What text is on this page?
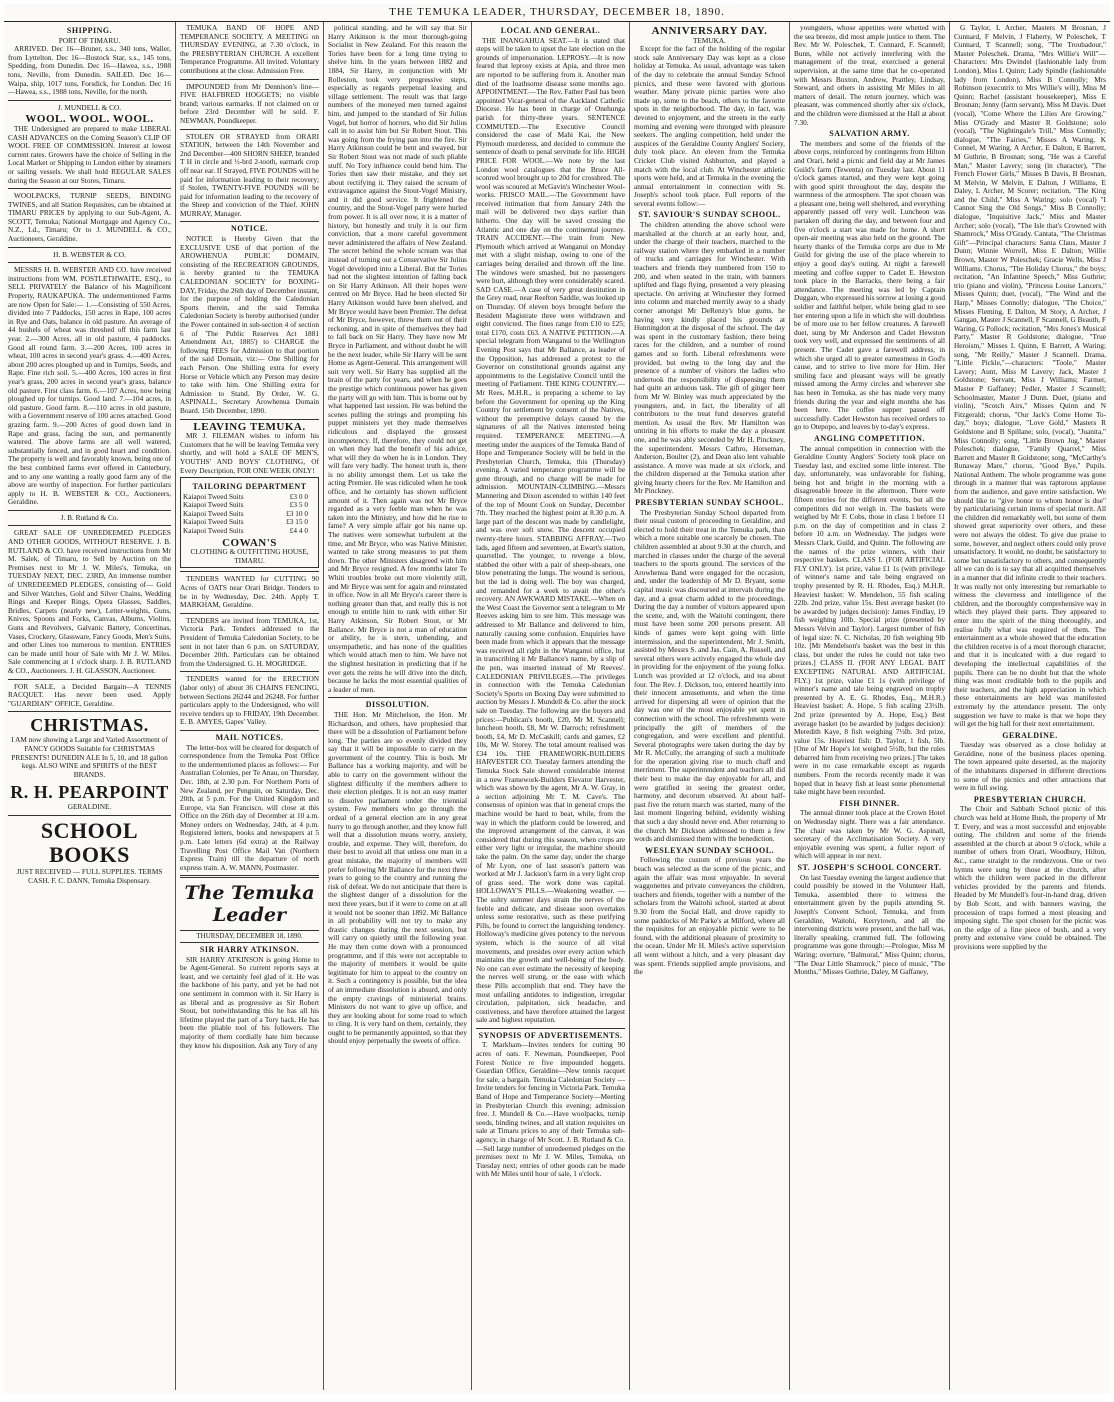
THE TEMUKA LEADER, THURSDAY, DECEMBER 18, 1890.
SHIPPING.
PORT OF TIMARU.

ARRIVED. Dec 16—Bruner, s.s., 340 tons, Waller, from Lyttelton. Dec 16—Bostock Star, s.s., 145 tons, Spedding, from Dunedin. Dec 16—Hawea, s.s., 1988 tons, Neville, from Dunedin. SAILED. Dec 16—Waipa, ship, 1017 tons, Forsdick, for London. Dec 16—Hawea, s.s., 1988 tons, Neville, for the north.

J. MUNDELL & CO.
WOOL. WOOL. WOOL.

THE Undersigned are prepared to make LIBERAL CASH ADVANCES on the Coming Season's CLIP OF WOOL FREE OF COMMISSION. Interest at lowest current rates. Growers have the choice of Selling in the Local Market or Shipping to London either by steamers or sailing vessels. We shall hold REGULAR SALES during the Season at our Stores, Timaru.

WOOLPACKS, TURNIP SEEDS, BINDING TWINES, and all Station Requisites, can be obtained at TIMARU PRICES by applying to our Sub-Agent, A. SCOTT, Temuka; National Mortgage and Agency Co., N.Z., Ld., Timaru; Or to J. MUNDELL & CO., Auctioneers, Geraldine.

H. B. WEBSTER & CO.

MESSRS H. B. WEBSTER AND CO. have received instructions from WM. POSTLETHWAITE, ESQ., to SELL PRIVATELY the Balance of his Magnificent Property, RAUKAPUKA. The undermentioned Farms are now Open for Sale:— 1.—Consisting of 550 Acres, divided into 7 Paddocks, 150 acres in Rape, 100 acres in Rye and Oats, balance in old pasture. An average of 44 bushels of wheat was threshed off this farm last year. 2.—300 Acres, all in old pasture, 4 paddocks. Good all round farm. 3.—200 Acres, 100 acres in wheat, 100 acres in second year's grass. 4.—400 Acres, about 200 acres ploughed up and in Turnips, Seeds, and Rape. Fine rich soil. 5.—400 Acres, 100 acres in first year's grass, 200 acres in second year's grass, balance old pasture. First class farm. 6.—107 Acres, now being ploughed up for turnips. Good land. 7.—104 acres, in old pasture. Good farm. 8.—110 acres in old pasture, with a Government reserve of 100 acres attached. Good grazing farm. 9.—200 Acres of good down land in Rape and grass, facing the sun, and permanently watered. The above farms are all well watered, substantially fenced, and in good heart and condition. The property is well and favorably known, being one of the best combined farms ever offered in Canterbury, and to any one wanting a really good farm any of the above are worthy of inspection. For further particulars apply to H. B. WEBSTER & CO., Auctioneers, Geraldine.

J. B. Rutland & Co.

GREAT SALE OF UNREDEEMED PLEDGES AND OTHER GOODS, WITHOUT RESERVE. J. B. RUTLAND & CO. have received instructions from Mr M. Salek, of Timaru, to Sell by Auction on the Premises next to Mr J. W. Miles's, Temuka, on TUESDAY NEXT, DEC. 23RD, An immense number of UNREDEEMED PLEDGES, consisting of— Gold and Silver Watches, Gold and Silver Chains, Wedding Rings and Keeper Rings, Opera Glasses, Saddles, Bridles, Carpets (nearly new), Letter-weights, Guns, Knives, Spoons and Forks, Canvas, Albums, Violins, Guns and Revolvers, Galvanic Battery, Concertinas, Vases, Crockery, Glassware, Fancy Goods, Men's Suits, and other Lines too numerous to mention. ENTRIES can be made until hour of Sale with Mr J. W. Miles. Sale commencing at 1 o'clock sharp. J. B. RUTLAND & CO., Auctioneers. J. H. GLASSON, Auctioneer.

FOR SALE, a Decided Bargain—A TENNIS RACQUET. Has never been used. Apply "GUARDIAN" OFFICE, Geraldine.

CHRISTMAS.

I AM now showing a Large and Varied Assortment of FANCY GOODS Suitable for CHRISTMAS PRESENTS! DUNEDIN ALE In 5, 10, and 18 gallon kegs. ALSO WINE and SPIRITS of the BEST BRANDS.

R. H. PEARPOINT
GERALDINE.
SCHOOL BOOKS

JUST RECEIVED — FULL SUPPLIES. TERMS CASH. F. C. DANN, Temuka Dispensary.

TEMUKA BAND OF HOPE AND TEMPERANCE SOCIETY. A MEETING on THURSDAY EVENING, at 7.30 o'clock, in the PRESBYTERIAN CHURCH. A excellent Temperance Programme. All invited. Voluntary contributions at the close. Admission Free.

IMPOUNDED from Mr Dennison's line—FIVE HALFBRED HOGGETS; no visible brand; various earmarks. If not claimed on or before 23rd December will be sold. F. NEWMAN, Poundkeeper.

STOLEN OR STRAYED from ORARI STATION, between the 14th November and 2nd December—400 SHORN SHEEP, branded T H in circle and ½-brd 2-tooth, earmark crop off near ear. If Strayed, FIVE POUNDS will be paid for information leading to their recovery; if Stolen, TWENTY-FIVE POUNDS will be paid for information leading to the recovery of the Sheep and conviction of the Thief. JOHN MURRAY, Manager.

NOTICE.

NOTICE is Hereby Given that the EXCLUSIVE USE of that portion of the AROWHENUA PUBLIC DOMAIN, consisting of the RECREATION GROUNDS, is hereby granted to the TEMUKA CALEDONIAN SOCIETY for BOXING-DAY, Friday, the 26th day of December instant, for the purpose of holding the Caledonian Sports therein, and the said Temuka Caledonian Society is hereby authorised (under the Power contained in sub-section 4 of section 6 of 'The Public Reserves Act 1881 Amendment Act, 1885') to CHARGE the following FEES for Admission to that portion of the said Domain, viz:— One Shilling for each Person. One Shilling extra for every Horse or Vehicle which any Person may desire to take with him. One Shilling extra for Admission to Stand. By Order, W. G. ASPINALL, Secretary Arowhenua Domain Board. 15th December, 1890.

LEAVING TEMUKA.

MR J. FILEMAN wishes to inform his Customers that he will be leaving Temuka very shortly, and will hold a SALE OF MEN'S, YOUTHS' AND BOYS' CLOTHING, Of Every Description, FOR ONE WEEK ONLY!

TAILORING DEPARTMENT
Kaiapoi Tweed Suits	£3 0 0
Kaiapoi Tweed Suits	£3 5 0
Kaiapoi Tweed Suits	£3 10 0
Kaiapoi Tweed Suits	£3 15 0
Kaiapoi Tweed Suits	£4 4 0
COWAN'S
CLOTHING & OUTFITTING HOUSE, TIMARU.

TENDERS WANTED for CUTTING 90 Acres of OATS near Orari Bridge. Tenders to be in by Wednesday, Dec. 24th. Apply T. MARKHAM, Geraldine.

TENDERS are invited from TEMUKA, 1st, Victoria Park. Tenders addressed to the President of Temuka Caledonian Society, to be sent in not later than 6 p.m. on SATURDAY, December 20th. Particulars can be obtained from the Undersigned. G. H. MOGRIDGE.

TENDERS wanted for the ERECTION (labor only) of about 36 CHAINS FENCING, between Sections 26244 and 26248. For further particulars apply to the Undersigned, who will receive tenders up to FRIDAY, 19th December. E. B. AMYES, Gapes' Valley.

MAIL NOTICES.

The letter-box will be cleared for despatch of correspondence from the Temuka Post Office to the undermentioned places as follows:— For Australian Colonies, per Te Anau, on Thursday, Dec. 18th, at 2.30 p.m. For Northern Ports of New Zealand, per Penguin, on Saturday, Dec. 20th, at 5 p.m. For the United Kingdom and Europe, via San Francisco, will close at this Office on the 26th day of December at 10 a.m. Money orders on Wednesday, 24th, at 4 p.m. Registered letters, books and newspapers at 5 p.m. Late letters (6d extra) at the Railway Travelling Post Office Mail Van (Northern Express Train) till the departure of north express train. A. W. MANN, Postmaster.

The Temuka Leader
THURSDAY, DECEMBER 18, 1890.
SIR HARRY ATKINSON.

SIR HARRY ATKINSON is going Home to be Agent-General. So current reports says at least, and we certainly feel glad of it. He was the backbone of his party, and yet he had not one sentiment in common with it. Sir Harry is as liberal and as progressive as Sir Robert Stout, but notwithstanding this he has all his lifetime played the part of a Tory hack. He has been the pliable tool of his followers. The majority of them cordially hate him because they know his disposition. Ask any Tory of any

political standing, and he will say that Sir Harry Atkinson is the most thorough-going Socialist in New Zealand. For this reason the Tories have been for a long time trying to shelve him. In the years between 1882 and 1884, Sir Harry, in conjunction with Mr Rolleston, took very progressive steps, especially as regards perpetual leasing and village settlement. The result was that large numbers of the moneyed men turned against him, and jumped to the standard of Sir Julius Vogel, but horror of horrors, who did Sir Julius call in to assist him but Sir Robert Stout. This was going from the frying pan into the fire. Sir Harry Atkinson could be bent and swayed, but Sir Robert Stout was not made of such pliable stuff. No Tory influence could bend him. The Tories then saw their mistake, and they set about rectifying it. They raised the scream of extravagance against the Stout-Vogel Ministry, and it did good service. It frightened the country, and the Stout-Vogel party were hurled from power. It is all over now, it is a matter of history, but honestly and truly it is our firm conviction, that a more careful government never administered the affairs of New Zealand. The secret behind the whole scream was that instead of turning out a Conservative Sir Julius Vogel developed into a Liberal. But the Tories had not the slightest intention of falling back on Sir Harry Atkinson. All their hopes were centred on Mr Bryce. Had he been elected Sir Harry Atkinson would have been shelved, and Mr Bryce would have been Premier. The defeat of Mr Bryce, however, threw them out of their reckoning, and in spite of themselves they had to fall back on Sir Harry. They have now Mr Bryce in Parliament, and without doubt he will be the next leader, while Sir Harry will be sent Home as Agent-General. This arrangement will suit very well. Sir Harry has supplied all the brain of the party for years, and when he goes the prestige which continuous power has given the party will go with him. This is borne out by what happened last session. He was behind the scenes pulling the strings and prompting his puppet ministers yet they made themselves ridiculous and displayed the grossest incompetency. If, therefore, they could not get on when they had the benefit of his advice, what will they do when he is in London. They will fare very badly. The honest truth is, there is no ability amongst them. Let us take the acting Premier. He was ridiculed when he took office, and he certainly has shown sufficient amount of it. Then again was not Mr Bryce regarded as a very feeble man when he was taken into the Ministry, and how did he rise to fame? A very simple affair got his name up. The natives were somewhat turbulent at the time, and Mr Bryce, who was Native Minister, wanted to take strong measures to put them down. The other Ministers disagreed with him and Mr Bryce resigned. A few months later Te Whiti troubles broke out more violently still, and Mr Bryce was sent for again and reinstated in office. Now in all Mr Bryce's career there is nothing greater than that, and really this is not enough to entitle him to rank with either Sir Harry Atkinson, Sir Robert Stout, or Mr Ballance. Mr Bryce is not a man of education or ability, he is stern, unbending, and unsympathetic, and has none of the qualities which would attach men to him. We have not the slightest hesitation in predicting that if he ever gets the reins he will drive into the ditch, because he lacks the most essential qualities of a leader of men.

DISSOLUTION.

THE Hon. Mr Mitchelson, the Hon. Mr Richardson, and others, have prophesied that there will be a dissolution of Parliament before long. The parties are so evenly divided they say that it will be impossible to carry on the government of the country. This is bosh. Mr Ballance has a working majority, and will be able to carry on the government without the slightest difficulty if the members adhere to their election pledges. It is not an easy matter to dissolve parliament under the triennial system. Few members who go through the ordeal of a general election are in any great hurry to go through another, and they know full well that a dissolution means worry, anxiety, trouble, and expense. They will, therefore, do their best to avoid all that unless one man in a great mistake, the majority of members will prefer following Mr Ballance for the next three years to going to the country and running the risk of defeat. We do not anticipate that there is the slightest danger of a dissolution for the next three years, but if it were to come on at all it would not be sooner than 1892. Mr Ballance in all probability will not try to make any drastic changes during the next session, but will carry on quietly until the following year. He may then come down with a pronounced programme, and if this were not acceptable to the majority of members it would be quite legitimate for him to appeal to the country on it. Such a contingency is possible, but the idea of an immediate dissolution is absurd, and only the empty cravings of ministerial brains. Ministers do not want to give up office, and they are looking about for some road to which to cling. It is very hard on them, certainly, they ought to be permanently appointed, so that they should enjoy perpetually the sweets of office.

LOCAL AND GENERAL.

THE INANGAHUA SEAT.—It is stated that steps will be taken to upset the late election on the grounds of impersonation. LEPROSY.—It is now feared that leprosy exists at Apia, and three men are reported to be suffering from it. Another man died of the loathsome disease some months ago. APPOINTMENT.—The Rev. Father Paul has been appointed Vicar-general of the Auckland Catholic Diocese. He has been in charge of Onehunga parish for thirty-three years. SENTENCE COMMUTED.—The Executive Council considered the case of Mahi Kai, the New Plymouth murderess, and decided to commute the sentence of death to penal servitude for life. HIGH PRICE FOR WOOL.—We note by the last London wool catalogues that the Bruce All-sconred wool brought up to 20d for crossbred. The wool was scoured at McGavin's Winchester Wool-works. FRISCO MAIL.—The Government have received intimation that from January 24th the mail will be delivered two days earlier than hitherto. One day will be saved crossing the Atlantic and one day on the continental journey. TRAIN ACCIDENT.—The train from New Plymouth which arrived at Wanganui on Monday met with a slight mishap, owing to one of the carriages being derailed and thrown off the line. The windows were smashed, but no passengers were hurt, although they were considerably scared. SAD CASE.—A case of very great destitution in the Grey road, near Reefton Saddle, was looked up on Thursday. Of eleven boys brought before the Resident Magistrate three were withdrawn and eight convicted. The fines range from £10 to £25; total £170, costs £63. A NATIVE PETITION.—A special telegram from Wanganui to the Wellington Evening Post says that Mr Ballance, as leader of the Opposition, has addressed a protest to the Governor on constitutional grounds against any appointments to the Legislative Council until the meeting of Parliament. THE KING COUNTRY.—Mr Rees, M.H.R., is preparing a scheme to lay before the Government for opening up the King Country for settlement by consent of the Natives, without the preemptive delays caused by the signatures of all the Natives interested being required. TEMPERANCE MEETING.—A meeting under the auspices of the Temuka Band of Hope and Temperance Society will be held in the Presbyterian Church, Temuka, this (Thursday) evening. A varied temperance programme will be gone through, and no charge will be made for admission. MOUNTAIN-CLIMBING.—Messrs Mannering and Dixon ascended to within 140 feet of the top of Mount Cook on Sunday, December 7th. They reached the highest point at 8.30 p.m. A large part of the descent was made by candlelight, and was over soft snow. The descent occupied twenty-three hours. STABBING AFFRAY.—Two lads, aged fifteen and seventeen, at Ewart's station, quarrelled. The younger, to revenge a blow, stabbed the other with a pair of sheep-shears, one blow penetrating the lungs. The wound is serious, but the lad is doing well. The boy was charged, and remanded for a week to await the other's recovery. AN AWKWARD MISTAKE.—When on the West Coast the Governor sent a telegram to Mr Reeves asking him to see him. This message was addressed to Mr Ballance and delivered to him, naturally causing some confusion. Enquiries have been made from which it appears that the message was received all right in the Wanganui office, but in transcribing it Mr Ballance's name, by a slip of the pen, was inserted instead of Mr Reeves'. CALEDONIAN PRIVILEGES.—The privileges in connection with the Temuka Caledonian Society's Sports on Boxing Day were submitted to auction by Messrs J. Mundell & Co. after the stock sale on Tuesday. The following are the buyers and prices:—Publican's booth, £20, Mr M. Scannell; luncheon booth, £8, Mr W. Darroch; refreshment booth, £4, Mr D. McCaskill; cards and games, £2 10s, Mr W. Storey. The total amount realised was £34 10s. THE FRAMEWORK-BUILDERS HARVESTER CO. Tuesday farmers attending the Temuka Stock Sale showed considerable interest in a new Framework-Builders Elevator Harvester, which was shown by the agent, Mr A. W. Gray, in a section adjoining Mr T. M. Cave's. The consensus of opinion was that in general crops the machine would be hard to beat, while, from the way in which the platform could be lowered, and the improved arrangement of the canvas, it was considered that during this season, when crops are either very light or irregular, the machine should take the palm. On the same day, under the charge of Mr Lyon, one of last season's pattern was worked at Mr J. Jackson's farm in a very light crop of grass seed. The work done was capital. HOLLOWAY'S PILLS.—Weakening weather. —The sultry summer days strain the nerves of the feeble and delicate, and disease soon overtakes unless some restorative, such as these purifying Pills, be found to correct the languishing tendency. Holloway's medicine gives potency to the nervous system, which is the source of all vital movements, and presides over every action which maintains the growth and well-being of the body. No one can ever estimate the necessity of keeping the nerves well strung, or the ease with which these Pills accomplish that end. They have the most unfailing antidotes to indigestion, irregular circulation, palpitation, sick headache, and costiveness, and have therefore attained the largest sale and highest reputation.

SYNOPSIS OF ADVERTISEMENTS.

T. Markham—Invites tenders for cutting 90 acres of oats. F. Newman, Poundkeeper, Pool Forest Notice re five impounded hoggets. Guardian Office, Geraldine—New tennis racquet for sale, a bargain. Temuka Caledonian Society — Invite tenders for fencing in Victoria Park. Temuka Band of Hope and Temperance Society—Meeting in Presbyterian Church this evening; admission free. J. Mundell & Co.—Have woolpacks, turnip seeds, binding twines, and all station requisites on sale at Timaru prices to any of their Temuka sub-agency, in charge of Mr Scott. J. B. Rutland & Co.—Sell large number of unredeemed pledges on the premises next to Mr J. W. Miles, Temuka, on Tuesday next; entries of other goods can be made with Mr Miles until hour of sale, 1 o'clock.

ANNIVERSARY DAY.
TEMUKA.

Except for the fact of the holding of the regular stock sale Anniversary Day was kept as a close holiday at Temuka. As usual, advantage was taken of the day to celebrate the annual Sunday School picnics, and these were favored with glorious weather. Many private picnic parties were also made up, some to the beach, others to the favorite spots in the neighborhood. The day, in fact, was devoted to enjoyment, and the streets in the early morning and evening were thronged with pleasure seekers. The angling competition, held under the auspices of the Geraldine County Anglers' Society, duly took place. An eleven from the Temuka Cricket Club visited Ashburton, and played a match with the local club. At Winchester athletic sports were held, and at Temuka in the evening the annual entertainment in connection with St. Joseph's school took place. Full reports of the several events follow:—

ST. SAVIOUR'S SUNDAY SCHOOL.

The children attending the above school were marshalled at the church at an early hour, and, under the charge of their teachers, marched to the railway station where they embarked in a number of trucks and carriages for Winchester. With teachers and friends they numbered from 150 to 200, and when seated in the train, with banners uplifted and flags flying, presented a very pleasing spectacle. On arriving at Winchester they formed into column and marched merrily away to a shady corner amongst Mr DeRenzy's blue gums, he having very kindly placed his grounds at Hunningdon at the disposal of the school. The day was spent in the customary fashion, there being races for the children, and a number of round games and so forth. Liberal refreshments were provided, but owing to the long day and the presence of a number of visitors the ladies who undertook the responsibility of dispensing them had quite an arduous task. The gift of ginger beer from Mr W. Binley was much appreciated by the youngsters, and, in fact, the liberality of all contributors to the treat fund deserves grateful mention. As usual the Rev. Mr Hamilton was untiring in his efforts to make the day a pleasant one, and he was ably seconded by Mr H. Pinckney, the superintendent. Messrs Cathro, Horseman, Anderson, Boulter (2), and Dean also lent valuable assistance. A move was made at six o'clock, and the children dispersed at the Temuka station after giving hearty cheers for the Rev. Mr Hamilton and Mr Pinckney.

PRESBYTERIAN SUNDAY SCHOOL.

The Presbyterian Sunday School departed from their usual custom of proceeding to Geraldine, and elected to hold their treat in the Temuka park, than which a more suitable one scarcely be chosen. The children assembled at about 9.30 at the church, and marched in classes under the charge of the several teachers to the sports ground. The services of the Arowhenua Band were engaged for the occasion, and, under the leadership of Mr D. Bryant, some capital music was discoursed at intervals during the day, and a great charm added to the proceedings. During the day a number of visitors appeared upon the scene, and, with the Waitohi contingent, there must have been some 200 persons present. All kinds of games were kept going with little intermission, and the superintendent, Mr J. Smith, assisted by Messrs S. and Jas. Cain, A. Russell, and several others were actively engaged the whole day in providing for the enjoyment of the young folks. Lunch was provided at 12 o'clock, and tea about four. The Rev. J. Dickson, too, entered heartily into their innocent amusements, and when the time arrived for dispersing all were of opinion that the day was one of the most enjoyable yet spent in connection with the school. The refreshments were principally the gift of members of the congregation, and were excellent and plentiful. Several photographs were taken during the day by Mr R. McCully, the arranging of such a multitude for the operation giving rise to much chaff and merriment. The superintendent and teachers all did their best to make the day enjoyable for all, and were gratified in seeing the greatest order, harmony, and decorum observed. At about half-past five the return march was started, many of the last moment lingering behind, evidently wishing that such a day should never end. After returning to the church Mr Dickson addressed to them a few words and dismissed them with the benediction.

WESLEYAN SUNDAY SCHOOL.

Following the custom of previous years the beach was selected as the scene of the picnic, and again the affair was most enjoyable. In several waggonettes and private conveyances the children, teachers and friends, together with a number of the scholars from the Waitohi school, started at about 9.30 from the Social Hall, and drove rapidly to some paddocks of Mr Parke's at Milford, where all the requisites for an enjoyable picnic were to be found, with the additional pleasure of proximity to the ocean. Under Mr H. Miles's active supervision all went without a hitch, and a very pleasant day was spent. Friends supplied ample provisions, and the

youngsters, whose appetites were whetted with the sea breeze, did most ample justice to them. The Rev. Mr W. Poleschek, T. Cunnard, F. Scannell; Bunn, while not actively interfering with the management of the treat, exercised a general supervision, at the same time that he co-operated with Messrs Buxton, Andrew, Prattley, Lindsay, Steward, and others in assisting Mr Miles in all matters of detail. The return journey, which was pleasant, was commenced shortly after six o'clock, and the children were dismissed at the Hall at about 7.30.

SALVATION ARMY.

The members and some of the friends of the above corps, reinforced by contingents from Hilton and Orari, held a picnic and field day at Mr James Guild's farm (Tewenta) on Tuesday last. About 11 o'clock games started, and they were kept going with good spirit throughout the day, despite the warmness of the atmosphere. The spot chosen was a pleasant one, being well sheltered, and everything apparently passed off very well. Luncheon was partaken off during the day, and between four and five o'clock a start was made for home. A short open-air meeting was also held on the ground. The hearty thanks of the Temuka corps are due to Mr Guild for giving the use of the place wherein to enjoy a good day's outing. At night a farewell meeting and coffee supper to Cadet E. Hewston took place in the Barracks, there being a fair attendance. The meeting was led by Captain Duggan, who expressed his sorrow at losing a good soldier and faithful helper, while being glad to see her entering upon a life in which she will doubtless be of more use to her fellow creatures. A farewell duet, sung by Mr Anderson and Cadet Hewston took very well, and expressed the sentiments of all present. The Cadet gave a farewell address, in which she urged all to greater earnestness in God's cause, and to strive to live more for Him. Her smiling face and pleasant ways will be greatly missed among the Army circles and wherever she has been in Temuka, as she has made very many friends during the year and eight months she has been here. The coffee supper passed off successfully. Cadet Hewston has received orders to go to Otepopo, and leaves by to-day's express.

ANGLING COMPETITION.

The annual competition in connection with the Geraldine County Anglers' Society took place on Tuesday last, and excited some little interest. The day, unfortunately, was unfavorable for fishing, being hot and bright in the morning with a disagreeable breeze in the afternoon. There were fifteen entries for the different events, but all the competitors did not weigh in. The baskets were weighed by Mr F. Cobs, those in class 1 before 11 p.m. on the day of competition and in class 2 before 10 a.m. on Wednesday. The judges were Messrs Clark, Guild, and Quinn. The following are the names of the prize winners, with their respective baskets. CLASS I. (FOR ARTIFICIAL FLY ONLY). 1st prize, value £1 1s (with privilege of winner's name and tale being engraved on trophy presented by R. H. Rhodes, Esq.) M.H.R. Heaviest basket: W. Mendelson, 55 fish scaling 22lb. 2nd prize, value 15s. Best average basket (to be awarded by judges decision): James Findlay, 19 fish weighing 10lb. Special prize (presented by Messrs Velvin and Taylor). Largest number of fish of legal size: N. C. Nicholas, 20 fish weighing 9lb 10z. [Mr Mendelson's basket was the best in this class, but under the rules he could not take two prizes.] CLASS II. (FOR ANY LEGAL BAIT EXCEPTING NATURAL AND ARTIFICIAL FLY.) 1st prize, value £1 1s (with privilege of winner's name and tale being engraved on trophy presented by A. E. G. Rhodes, Esq., M.H.R.) Heaviest basket: A. Hope, 5 fish scaling 23½lb. 2nd prize (presented by A. Hope, Esq.) Best average basket (to be awarded by judges decision): Meredith Kaye, 8 fish weighing 7½lb. 3rd prize, value 15s. Heaviest fish: D. Taylor, 1 fish, 5lb. [One of Mr Hope's lot weighed 5½lb, but the rules debarred him from receiving two prizes.] The takes were in no case remarkable except as regards numbers. From the records recently made it was hoped that in heavy fish at least some phenomenal take might have been recorded.

FISH DINNER.

The annual dinner took place at the Crown Hotel on Wednesday night. There was a fair attendance. The chair was taken by Mr W. G. Aspinall, secretary of the Acclimatisation Society. A very enjoyable evening was spent, a fuller report of which will appear in our next.

ST. JOSEPH'S SCHOOL CONCERT.

On last Tuesday evening the largest audience that could possibly be stowed in the Volunteer Hall, Temuka, assembled there to witness the entertainment given by the pupils attending St. Joseph's Convent School, Temuka, and from Geraldine, Waitohi, Kerrytown, and all the intervening districts were present, and the hall was, literally speaking, crammed full. The following programme was gone through:—Prologue, Miss M Waring; overture, "Balmoral," Miss Quinn; chorus, "The Dear Little Shamrock," piece of music, "The Months," Misses Guthrie, Daley, M Gaffaney,

G Taylor, L Archer, Masters M Brosnan, J Cunnard, F Melvin, J Flaherty, W Poleschek, T Cunnard, T Scannell; song, "The Troubadour," Master Poleschek. Drama, "Mrs Willie's Will"—Characters: Mrs Dwindel (fashionable lady from London), Miss L Quinn; Lady Spindle (fashionable lady from London), Miss B Connolly; Mrs Robinson (executrix to Mrs Willie's will), Miss M Quinn; Rachel (assistant housekeeper), Miss E Brosnan; Jenny (farm servant), Miss M Davis. Duet (vocal), "Come Where the Lilies Are Growing," Miss O'Grady and Master R Goldstone; solo (vocal), "The Nightingale's Trill," Miss Connolly; dialogue, "The Fairies," Misses A Waring, K Connel, M Waring, A Archer, E Dalton, E Barrett, M Guthrie, B Brosnan; song, "He was a Careful Man," Master Lavery; song (in character), "The French Flower Girls," Misses B Davis, B Brosnan, M Melvin, W Melvin, E Dalton, J Williams, E Daley, L Archer, M Scorer; recitation, "The King and the Child," Miss A Waring; solo (vocal) "I Cannot Sing the Old Songs," Miss B Connolly; dialogue, "Inquisitive Jack," Miss and Master Archer; solo (vocal), "The Isle that's Crowned with Shamrock," Miss O'Grady. Cantata, "The Christmas Gift"—Principal characters: Santa Claus, Master J Dunn; Winnie Worrell, Miss E Dalton; Willie Brown, Master W Poleschek; Gracie Wells, Miss J Williams. Chorus, "The Holiday Chorus," the boys; recitation, "An Infantine Speech," Miss Guthrie; trio (piano and violin), "Princess Louise Lancers," Misses Quinn; duet, (vocal), "The Wind and the Harp," Misses Connolly; dialogue, "The Choice," Misses Fleming, E Dalton, M Story, A Archer, J Gangan, Master J Scannell, F Scannell, G Beauth, F Waring, G Pollock; recitation, "Mrs Jones's Musical Party," Master R Goldstone; dialogue, "True Heroism," Misses L Quinn, E Barrett, A Waring; song, "Mr Reilly," Master J Scannell. Drama, "Little Pickle,"—characters: "Toole," Master Lavery; Aunt, Miss M Lavery; Jack, Master J Goldstone; Servant, Miss J Williams; Farmer, Master P Gaffaney; Pedler, Master J Scannell; Schoolmaster, Master J Dunn. Duet, (piano and violin), "Scotch Airs," Misses Quinn and N Fitzgerald; chorus, "Our Jack's Come Home To-day," boys; dialogue, "Love Gold," Masters R Goldstone and B Spillane; solo, (vocal), "Juanita," Miss Connolly; song, "Little Brown Jug," Master Poleschek; dialogue, "Family Quarrel," Miss Barrett and Master R Goldstone; song, "McCarthy's Runaway Mare," chorus, "Good Bye," Pupils. National Anthem. The whole programme was gone through in a manner that was rapturous applause from the audience, and gave entire satisfaction. We should like to "give honor to whom honor is due" by particularising certain items of special merit. All the children did remarkably well, but some of them showed great superiority over others, and these were not always the oldest. To give due praise to some, however, and neglect others could only prove unsatisfactory. It would, no doubt, be satisfactory to some but unsatisfactory to others, and consequently all we can do is to say that all acquitted themselves in a manner that did infinite credit to their teachers. It was really not only interesting but remarkable to witness the cleverness and intelligence of the children, and the thoroughly comprehensive way in which they played their parts. They appeared to enter into the spirit of the thing thoroughly, and realise fully what was required of them. The entertainment as a whole showed that the education the children receive is of a most thorough character, and that it is inculcated with a due regard to developing the intellectual capabilities of the pupils. There can be no doubt but that the whole thing was most creditable both to the pupils and their teachers, and the high appreciation in which these entertainments are held was manifested extremely by the attendance present. The only suggestion we have to make is that we hope they will get the big hall for their next entertainment.

GERALDINE.

Tuesday was observed as a close holiday at Geraldine, none of the business places opening. The town appeared quite deserted, as the majority of the inhabitants dispersed in different directions to some of the picnics and other attractions that were in full swing.

PRESBYTERIAN CHURCH.

The Choir and Sabbath School picnic of this church was held at Home Bush, the property of Mr T. Every, and was a most successful and enjoyable outing. The children and some of the friends assembled at the church at about 9 o'clock, while a number of others from Orari, Woodbury, Hilton, &c., came straight to the rendezvous. One or two hymns were sung by those at the church, after which the children were packed in the different vehicles provided by the parents and friends. Headed by Mr Mundell's four-in-hand drag, driven by Bob Scott, and with banners waving, the procession of traps formed a most pleasing and imposing sight. The spot chosen for the picnic was on the edge of a fine piece of bush, and a very pretty and extensive view could be obtained. The provisions were supplied by the
